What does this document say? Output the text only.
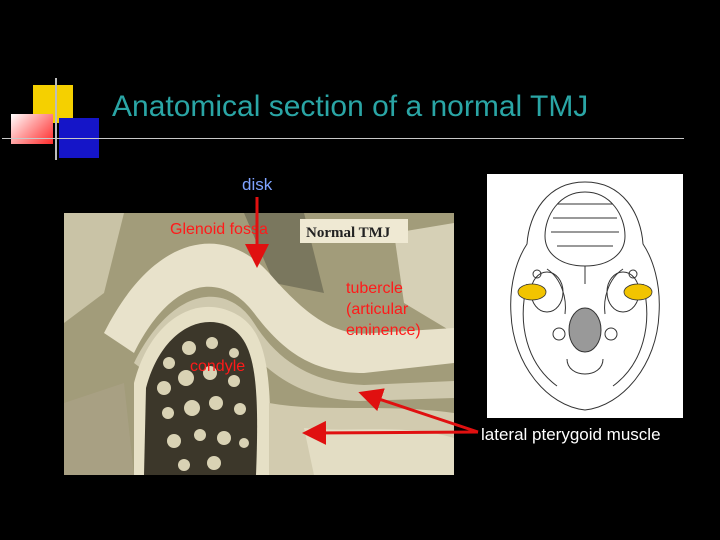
Anatomical section of a normal TMJ
Normal TMJ
disk
Glenoid fossa
tubercle
(articular
eminence)
condyle
lateral pterygoid muscle
